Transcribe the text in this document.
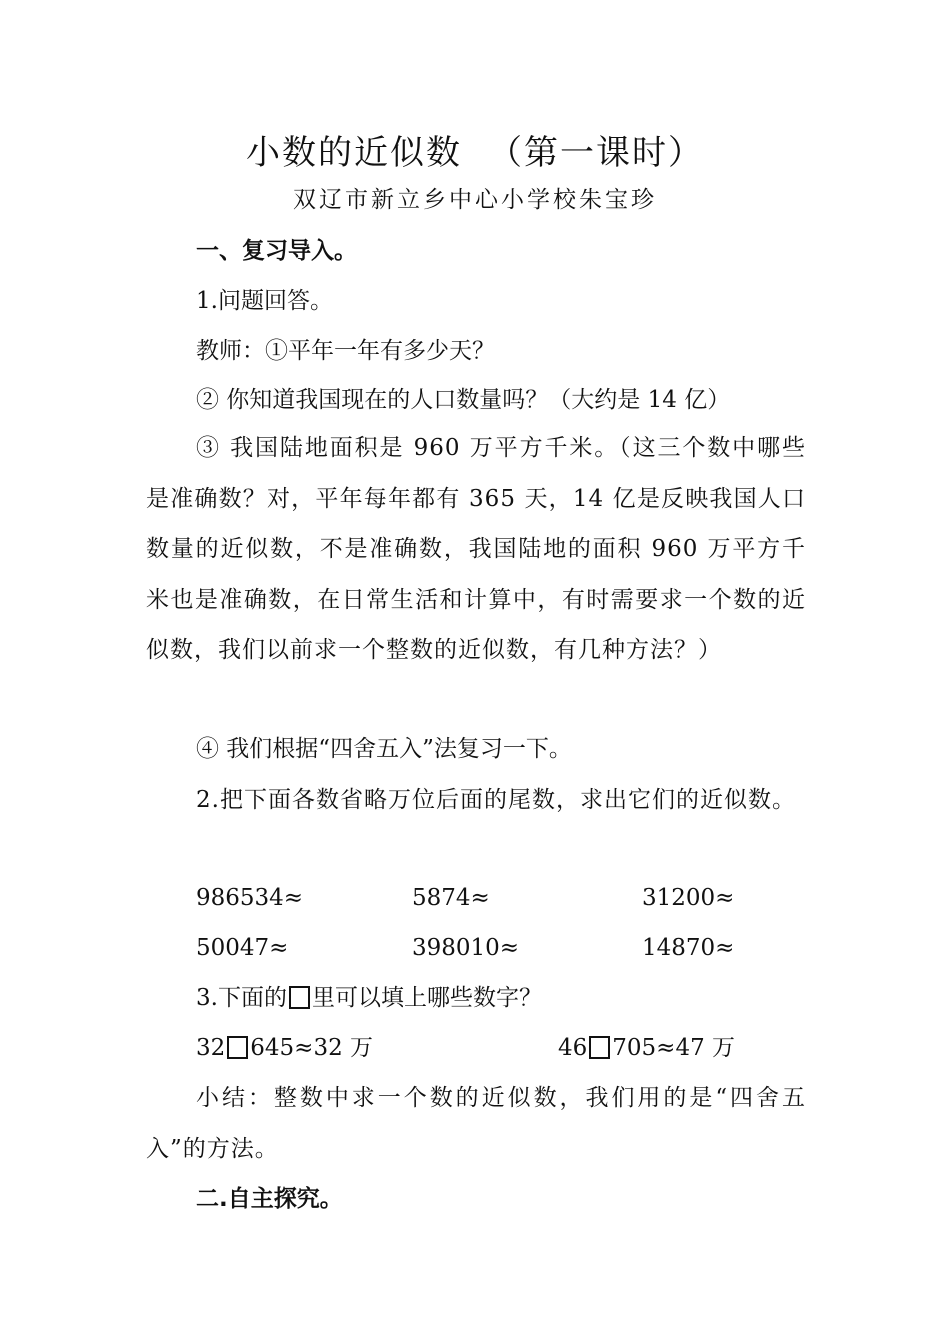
小数的近似数 （第一课时）
双辽市新立乡中心小学校朱宝珍
一、复习导入。
1.问题回答。
教师：①平年一年有多少天？
② 你知道我国现在的人口数量吗？（大约是 14 亿）
③ 我国陆地面积是 960 万平方千米。（这三个数中哪些是准确数？对，平年每年都有 365 天，14 亿是反映我国人口数量的近似数，不是准确数，我国陆地的面积 960 万平方千米也是准确数，在日常生活和计算中，有时需要求一个数的近似数，我们以前求一个整数的近似数，有几种方法？）
④ 我们根据“四舍五入”法复习一下。
2.把下面各数省略万位后面的尾数，求出它们的近似数。
986534≈	5874≈	31200≈
50047≈	398010≈	14870≈
3.下面的 里可以填上哪些数字？
32 645≈32 万	46 705≈47 万
小结：整数中求一个数的近似数，我们用的是“四舍五入”的方法。
二.自主探究。
